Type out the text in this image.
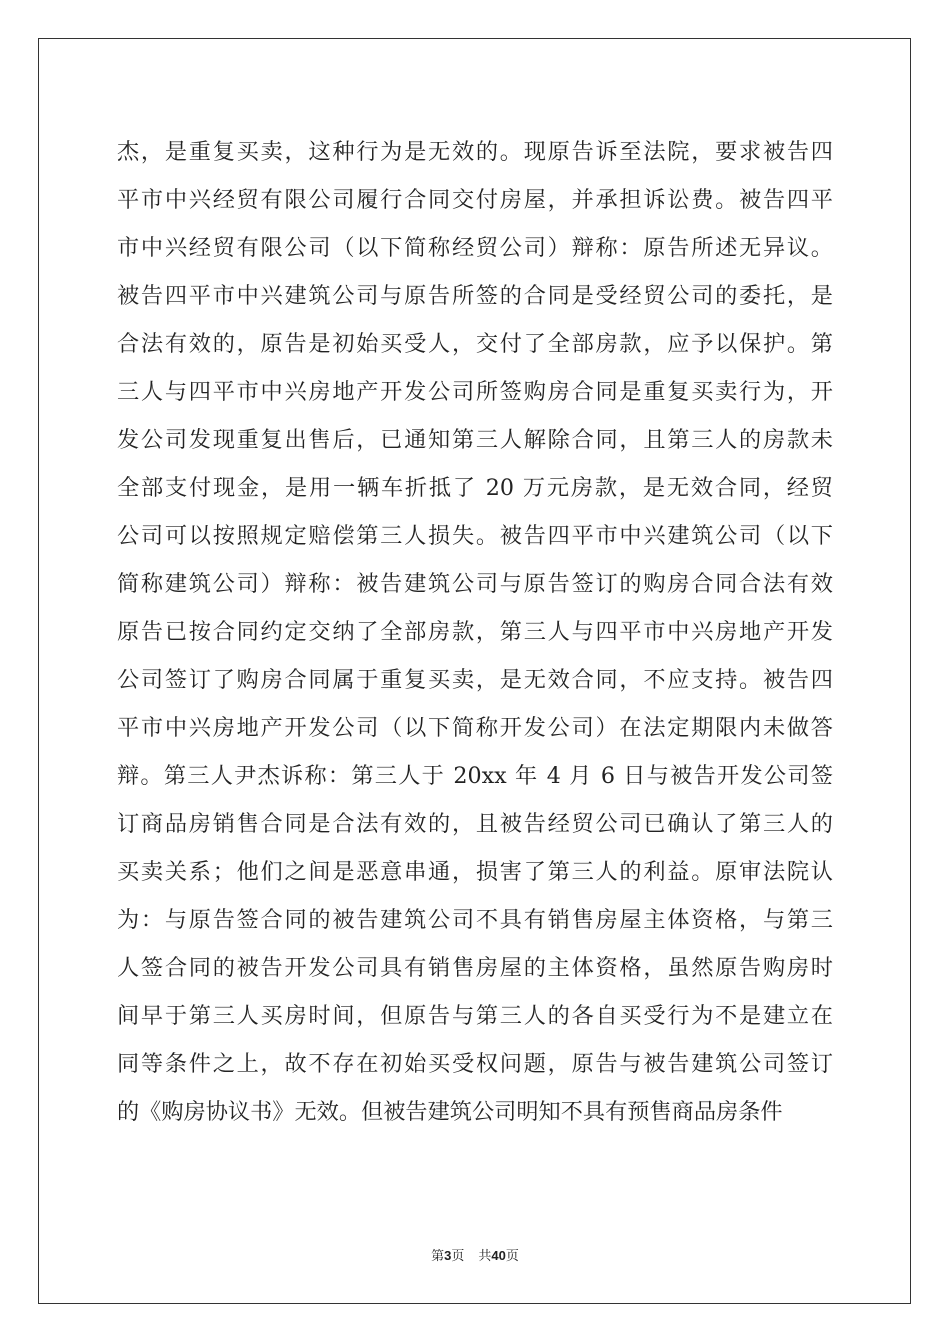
杰，是重复买卖，这种行为是无效的。现原告诉至法院，要求被告四
平市中兴经贸有限公司履行合同交付房屋，并承担诉讼费。被告四平
市中兴经贸有限公司（以下简称经贸公司）辩称：原告所述无异议。
被告四平市中兴建筑公司与原告所签的合同是受经贸公司的委托，是
合法有效的，原告是初始买受人，交付了全部房款，应予以保护。第
三人与四平市中兴房地产开发公司所签购房合同是重复买卖行为，开
发公司发现重复出售后，已通知第三人解除合同，且第三人的房款未
全部支付现金，是用一辆车折抵了 20 万元房款，是无效合同，经贸
公司可以按照规定赔偿第三人损失。被告四平市中兴建筑公司（以下
简称建筑公司）辩称：被告建筑公司与原告签订的购房合同合法有效
原告已按合同约定交纳了全部房款，第三人与四平市中兴房地产开发
公司签订了购房合同属于重复买卖，是无效合同，不应支持。被告四
平市中兴房地产开发公司（以下简称开发公司）在法定期限内未做答
辩。第三人尹杰诉称：第三人于 20xx 年 4 月 6 日与被告开发公司签
订商品房销售合同是合法有效的，且被告经贸公司已确认了第三人的
买卖关系；他们之间是恶意串通，损害了第三人的利益。原审法院认
为：与原告签合同的被告建筑公司不具有销售房屋主体资格，与第三
人签合同的被告开发公司具有销售房屋的主体资格，虽然原告购房时
间早于第三人买房时间，但原告与第三人的各自买受行为不是建立在
同等条件之上，故不存在初始买受权问题，原告与被告建筑公司签订
的《购房协议书》无效。但被告建筑公司明知不具有预售商品房条件
第3页 共40页
